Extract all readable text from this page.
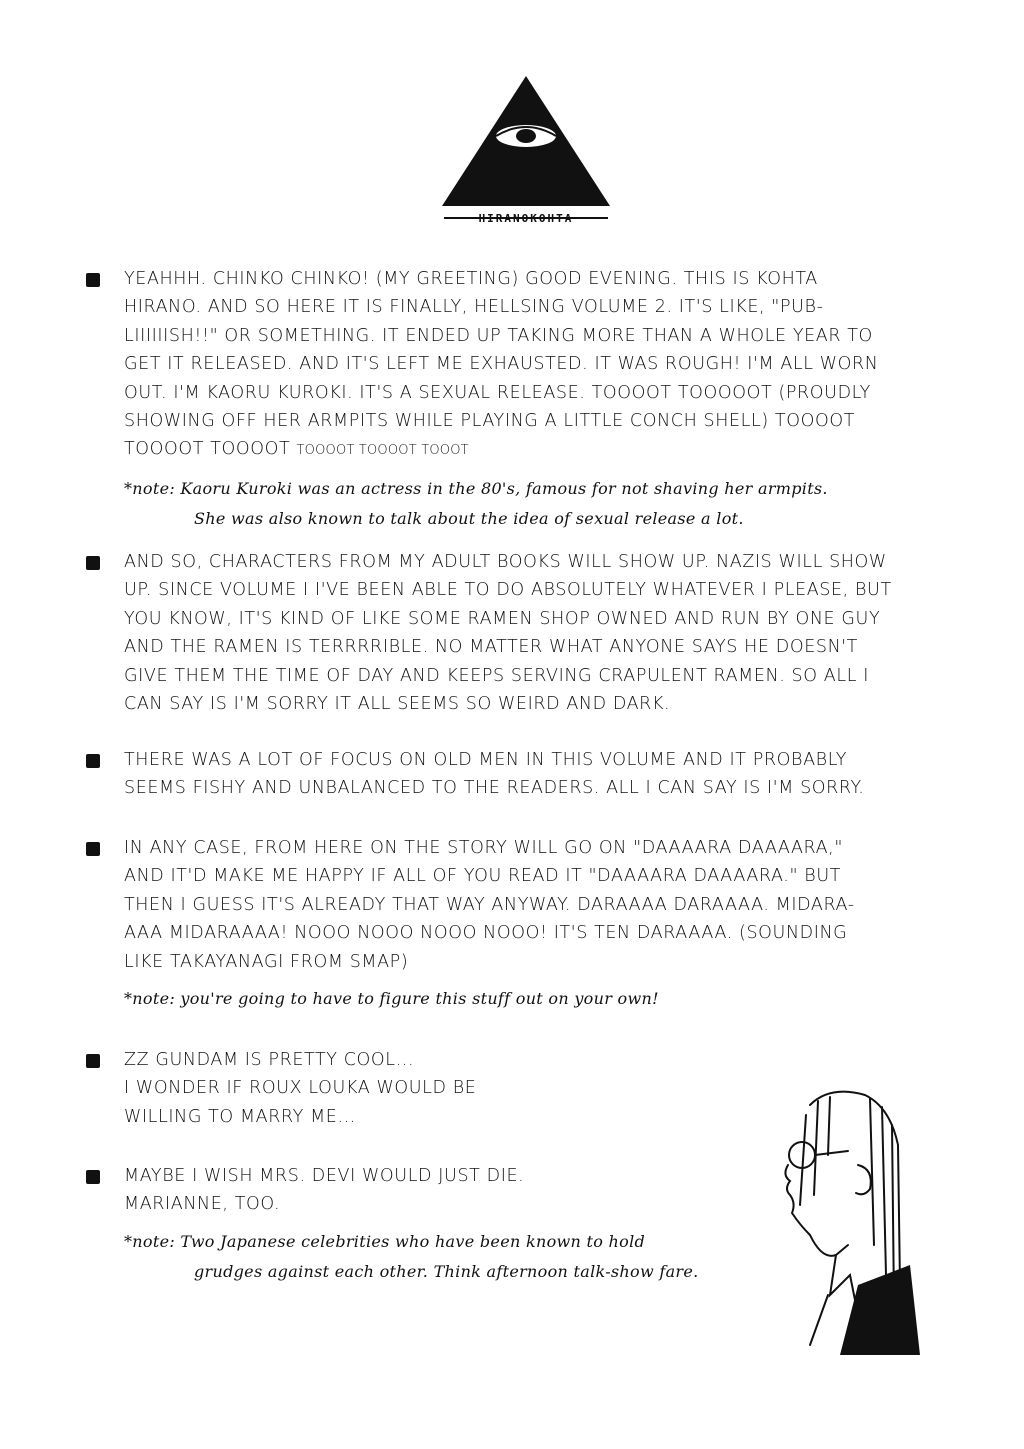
HIRANOKOHTA
YEAHHH. CHINKO CHINKO! (MY GREETING) GOOD EVENING. THIS IS KOHTA
HIRANO. AND SO HERE IT IS FINALLY, HELLSING VOLUME 2. IT'S LIKE, "PUB-
LIIIIIISH!!" OR SOMETHING. IT ENDED UP TAKING MORE THAN A WHOLE YEAR TO
GET IT RELEASED. AND IT'S LEFT ME EXHAUSTED. IT WAS ROUGH! I'M ALL WORN
OUT. I'M KAORU KUROKI. IT'S A SEXUAL RELEASE. TOOOOT TOOOOOT (PROUDLY
SHOWING OFF HER ARMPITS WHILE PLAYING A LITTLE CONCH SHELL) TOOOOT
TOOOOT TOOOOT TOOOOT TOOOOT TOOOT
*note: Kaoru Kuroki was an actress in the 80's, famous for not shaving her armpits.
She was also known to talk about the idea of sexual release a lot.
AND SO, CHARACTERS FROM MY ADULT BOOKS WILL SHOW UP. NAZIS WILL SHOW
UP. SINCE VOLUME I I'VE BEEN ABLE TO DO ABSOLUTELY WHATEVER I PLEASE, BUT
YOU KNOW, IT'S KIND OF LIKE SOME RAMEN SHOP OWNED AND RUN BY ONE GUY
AND THE RAMEN IS TERRRRIBLE. NO MATTER WHAT ANYONE SAYS HE DOESN'T
GIVE THEM THE TIME OF DAY AND KEEPS SERVING CRAPULENT RAMEN. SO ALL I
CAN SAY IS I'M SORRY IT ALL SEEMS SO WEIRD AND DARK.
THERE WAS A LOT OF FOCUS ON OLD MEN IN THIS VOLUME AND IT PROBABLY
SEEMS FISHY AND UNBALANCED TO THE READERS. ALL I CAN SAY IS I'M SORRY.
IN ANY CASE, FROM HERE ON THE STORY WILL GO ON "DAAAARA DAAAARA,"
AND IT'D MAKE ME HAPPY IF ALL OF YOU READ IT "DAAAARA DAAAARA." BUT
THEN I GUESS IT'S ALREADY THAT WAY ANYWAY. DARAAAA DARAAAA. MIDARA-
AAA MIDARAAAA! NOOO NOOO NOOO NOOO! IT'S TEN DARAAAA. (SOUNDING
LIKE TAKAYANAGI FROM SMAP)
*note: you're going to have to figure this stuff out on your own!
ZZ GUNDAM IS PRETTY COOL...
I WONDER IF ROUX LOUKA WOULD BE
WILLING TO MARRY ME...
MAYBE I WISH MRS. DEVI WOULD JUST DIE.
MARIANNE, TOO.
*note: Two Japanese celebrities who have been known to hold
grudges against each other. Think afternoon talk-show fare.
